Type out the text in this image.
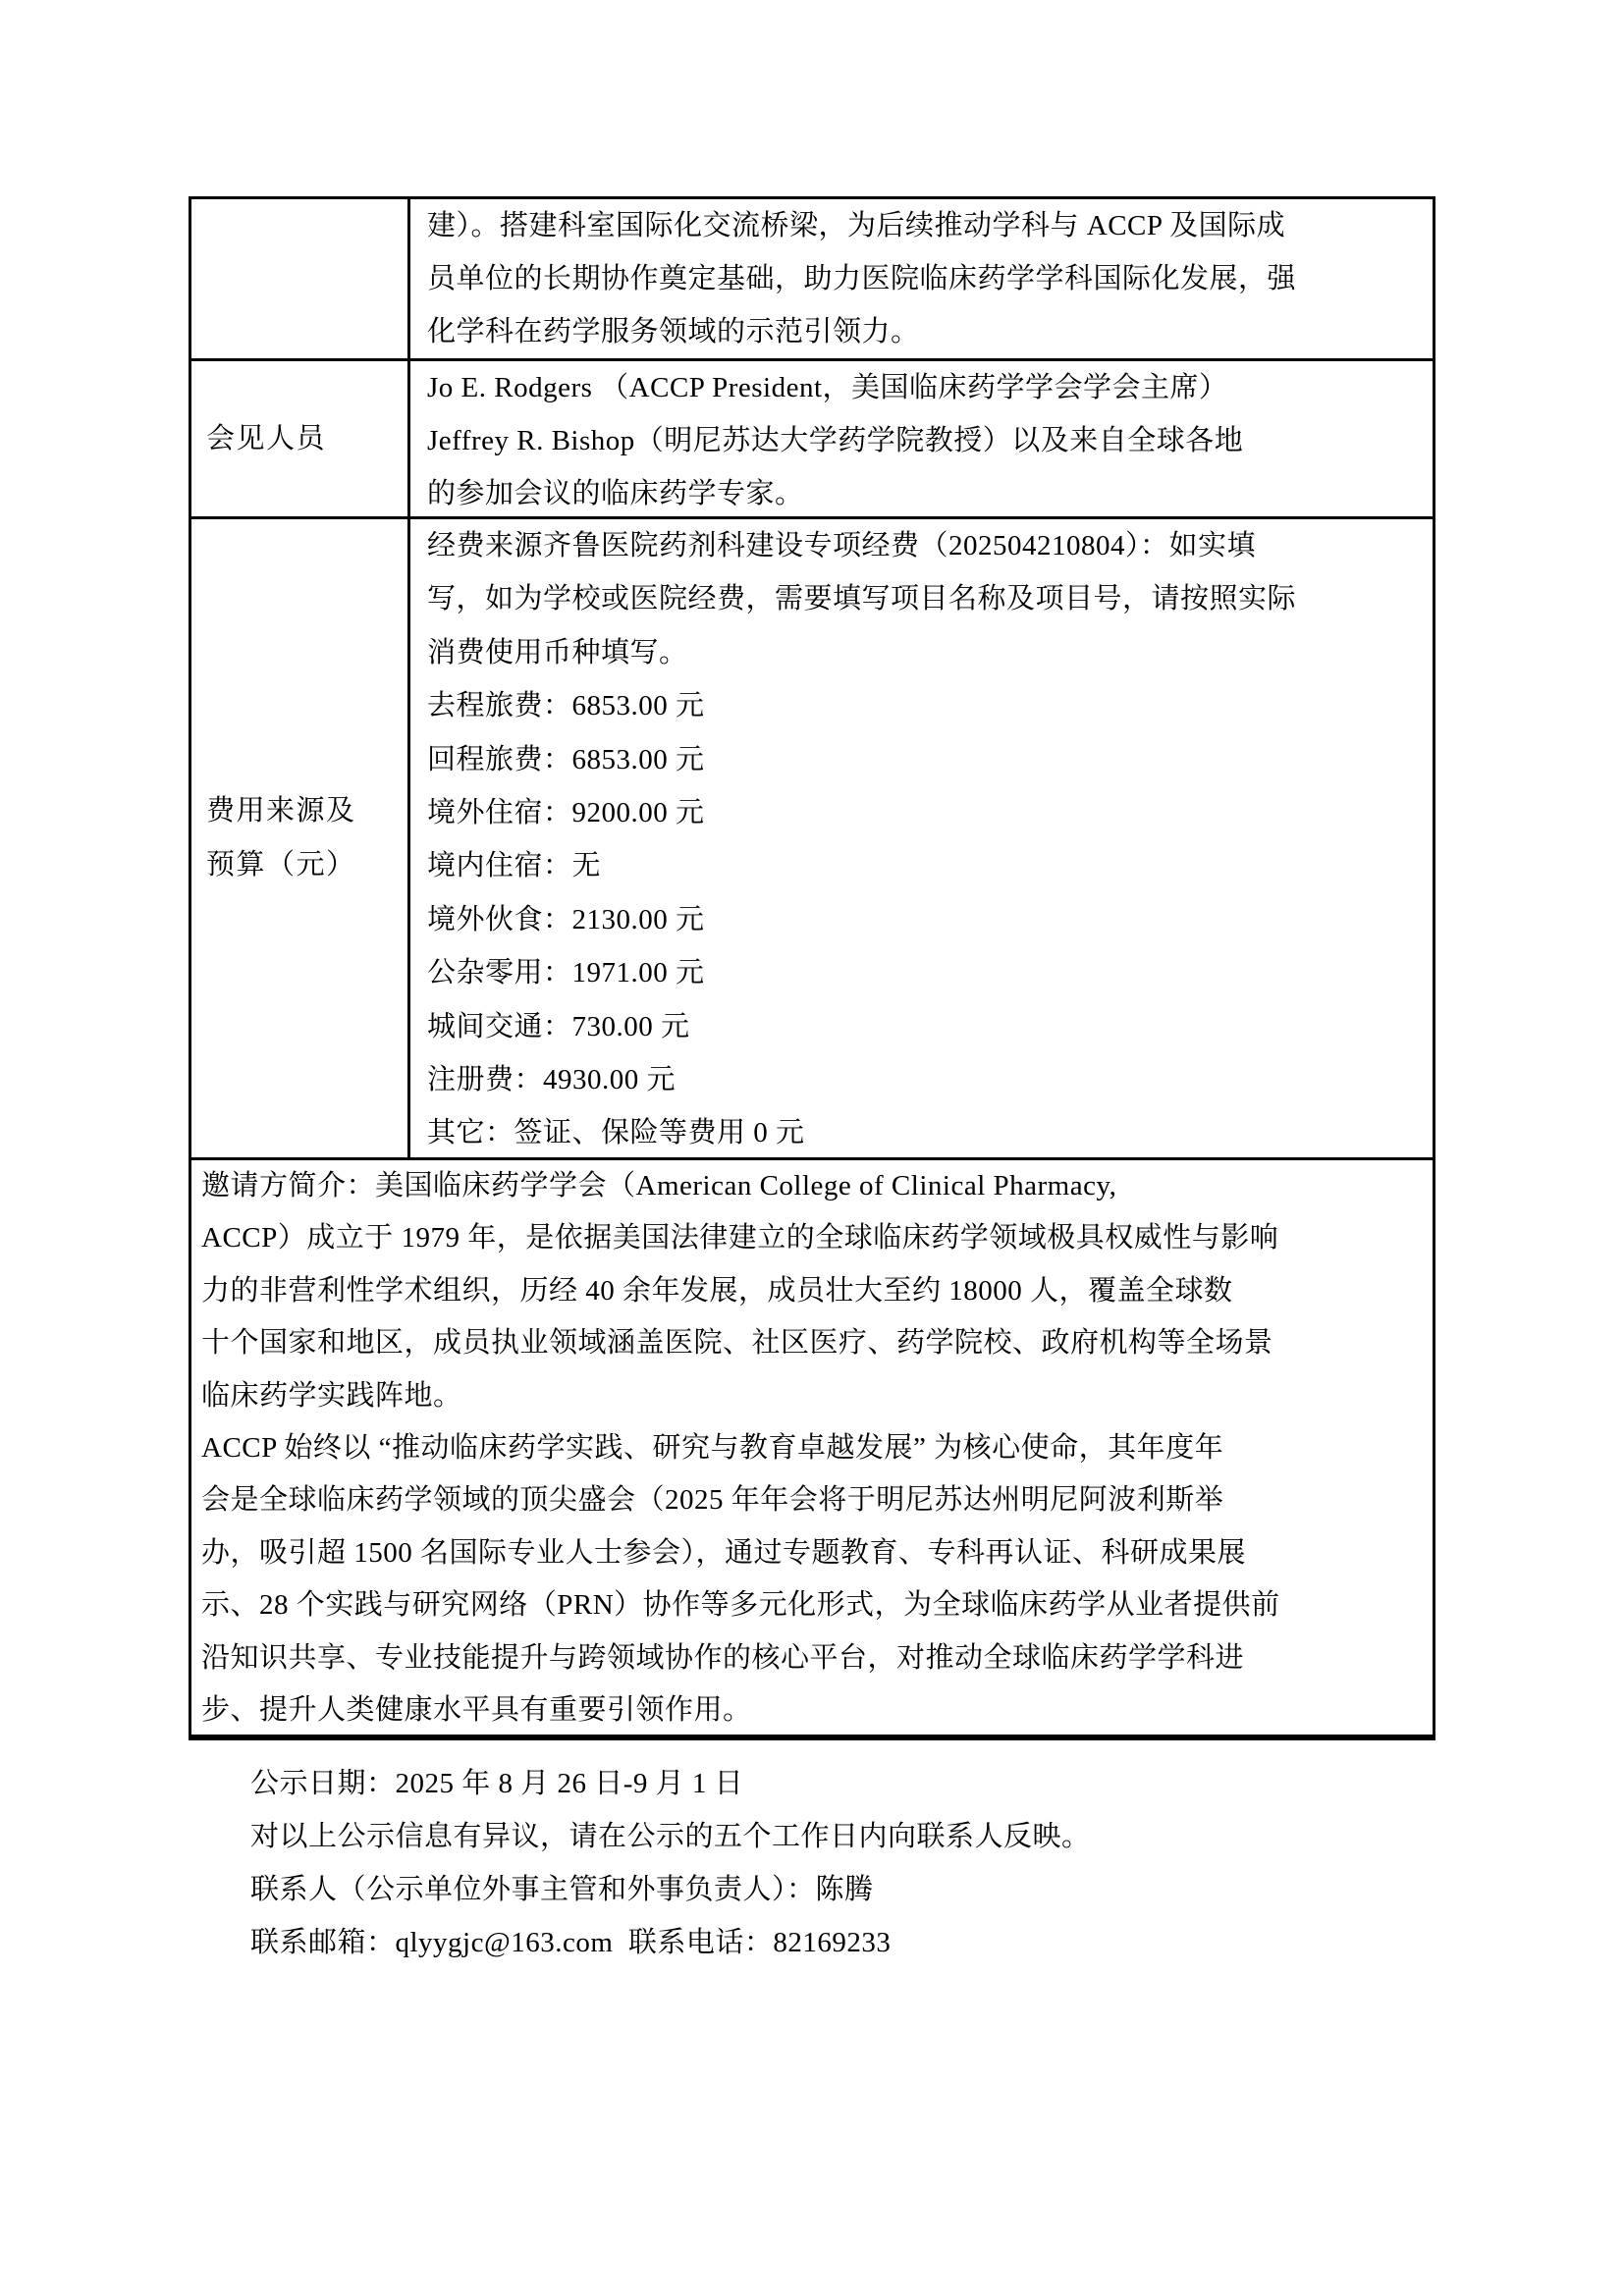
建）。搭建科室国际化交流桥梁，为后续推动学科与 ACCP 及国际成
员单位的长期协作奠定基础，助力医院临床药学学科国际化发展，强
化学科在药学服务领域的示范引领力。
会见人员
Jo E. Rodgers （ACCP President，美国临床药学学会学会主席）
Jeffrey R. Bishop（明尼苏达大学药学院教授）以及来自全球各地
的参加会议的临床药学专家。
费用来源及
预算（元）
经费来源齐鲁医院药剂科建设专项经费（202504210804）：如实填
写，如为学校或医院经费，需要填写项目名称及项目号，请按照实际
消费使用币种填写。
去程旅费：6853.00 元
回程旅费：6853.00 元
境外住宿：9200.00 元
境内住宿：无
境外伙食：2130.00 元
公杂零用：1971.00 元
城间交通：730.00 元
注册费：4930.00 元
其它：签证、保险等费用 0 元
邀请方简介：美国临床药学学会（American College of Clinical Pharmacy,
ACCP）成立于 1979 年，是依据美国法律建立的全球临床药学领域极具权威性与影响
力的非营利性学术组织，历经 40 余年发展，成员壮大至约 18000 人，覆盖全球数
十个国家和地区，成员执业领域涵盖医院、社区医疗、药学院校、政府机构等全场景
临床药学实践阵地。
ACCP 始终以 “推动临床药学实践、研究与教育卓越发展” 为核心使命，其年度年
会是全球临床药学领域的顶尖盛会（2025 年年会将于明尼苏达州明尼阿波利斯举
办，吸引超 1500 名国际专业人士参会），通过专题教育、专科再认证、科研成果展
示、28 个实践与研究网络（PRN）协作等多元化形式，为全球临床药学从业者提供前
沿知识共享、专业技能提升与跨领域协作的核心平台，对推动全球临床药学学科进
步、提升人类健康水平具有重要引领作用。
公示日期：2025 年 8 月 26 日-9 月 1 日
对以上公示信息有异议，请在公示的五个工作日内向联系人反映。
联系人（公示单位外事主管和外事负责人）：陈腾
联系邮箱：qlyygjc@163.com  联系电话：82169233
